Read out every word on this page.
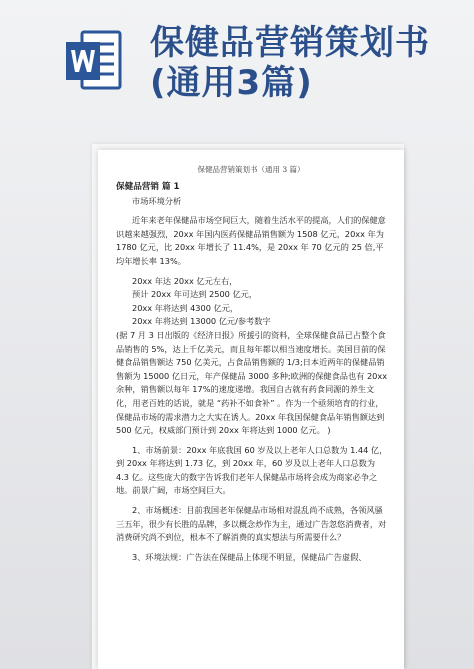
保健品营销策划书
(通用3篇)
保健品营销策划书（通用 3 篇）

保健品营销 篇 1

市场环境分析

近年来老年保健品市场空间巨大，随着生活水平的提高，人们的保健意识越来越强烈，20xx 年国内医药保健品销售额为 1508 亿元，20xx 年为 1780 亿元，比 20xx 年增长了 11.4%，是 20xx 年 70 亿元的 25 倍,平均年增长率 13%。

20xx 年达 20xx 亿元左右，

预计 20xx 年可达到 2500 亿元，

20xx 年将达到 4300 亿元，

20xx 年将达到 13000 亿元/参考数字

(据 7 月 3 日出版的《经济日报》所援引的资料，全球保健食品已占整个食品销售的 5%，达上千亿美元，而且每年都以相当速度增长。美国目前的保健食品销售额达 750 亿美元，占食品销售额的 1/3;日本近两年的保健品销售额为 15000 亿日元，年产保健品 3000 多种;欧洲的保健食品也有 20xx 余种，销售额以每年 17%的速度递增。我国自古就有药食同源的养生文化，用老百姓的话说，就是 “药补不如食补” 。作为一个亟须培育的行业，保健品市场的需求潜力之大实在诱人。20xx 年我国保健食品年销售额达到 500 亿元，权威部门预计到 20xx 年将达到 1000 亿元。 )

1、市场前景：20xx 年底我国 60 岁及以上老年人口总数为 1.44 亿，到 20xx 年将达到 1.73 亿，到 20xx 年，60 岁及以上老年人口总数为 4.3 亿。这些庞大的数字告诉我们老年人保健品市场将会成为商家必争之地。前景广阔，市场空间巨大。

2、市场概述：目前我国老年保健品市场相对混乱尚不成熟，各领风骚三五年，很少有长胜的品牌，多以概念炒作为主，通过广告忽悠消费者，对消费研究尚不到位，根本不了解消费的真实想法与所需要什么？

3、环境法规：广告法在保健品上体现不明显，保健品广告虚假、
